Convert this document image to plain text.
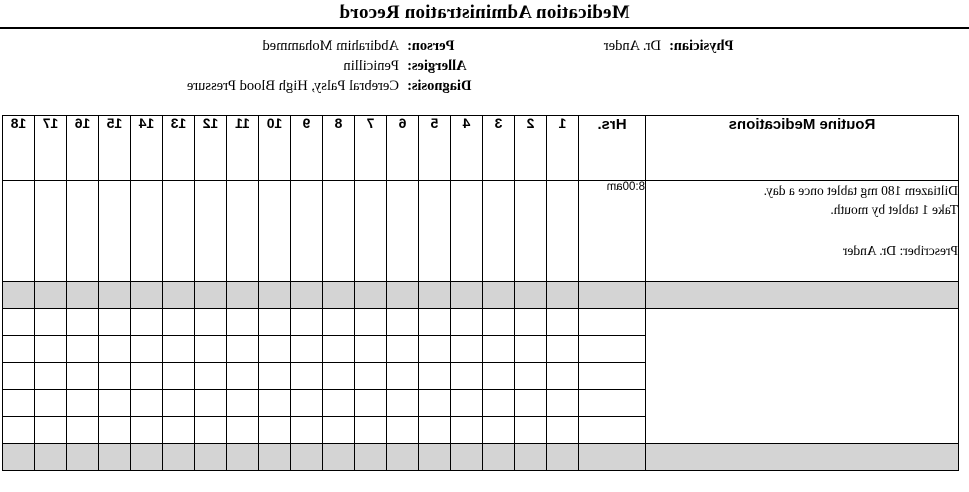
Medication Administration Record
Person:
Abdirahim Mohammed
Allergies:
Penicillin
Diagnosis:
Cerebral Palsy, High Blood Pressure
Physician:
Dr. Ander
Routine Medications	Hrs.	1	2	3	4	5	6	7	8	9	10	11	12	13	14	15	16	17	18

Diltiazem 180 mg tablet once a day.
Take 1 tablet by mouth.
Prescriber: Dr. Ander	8:00am																		
